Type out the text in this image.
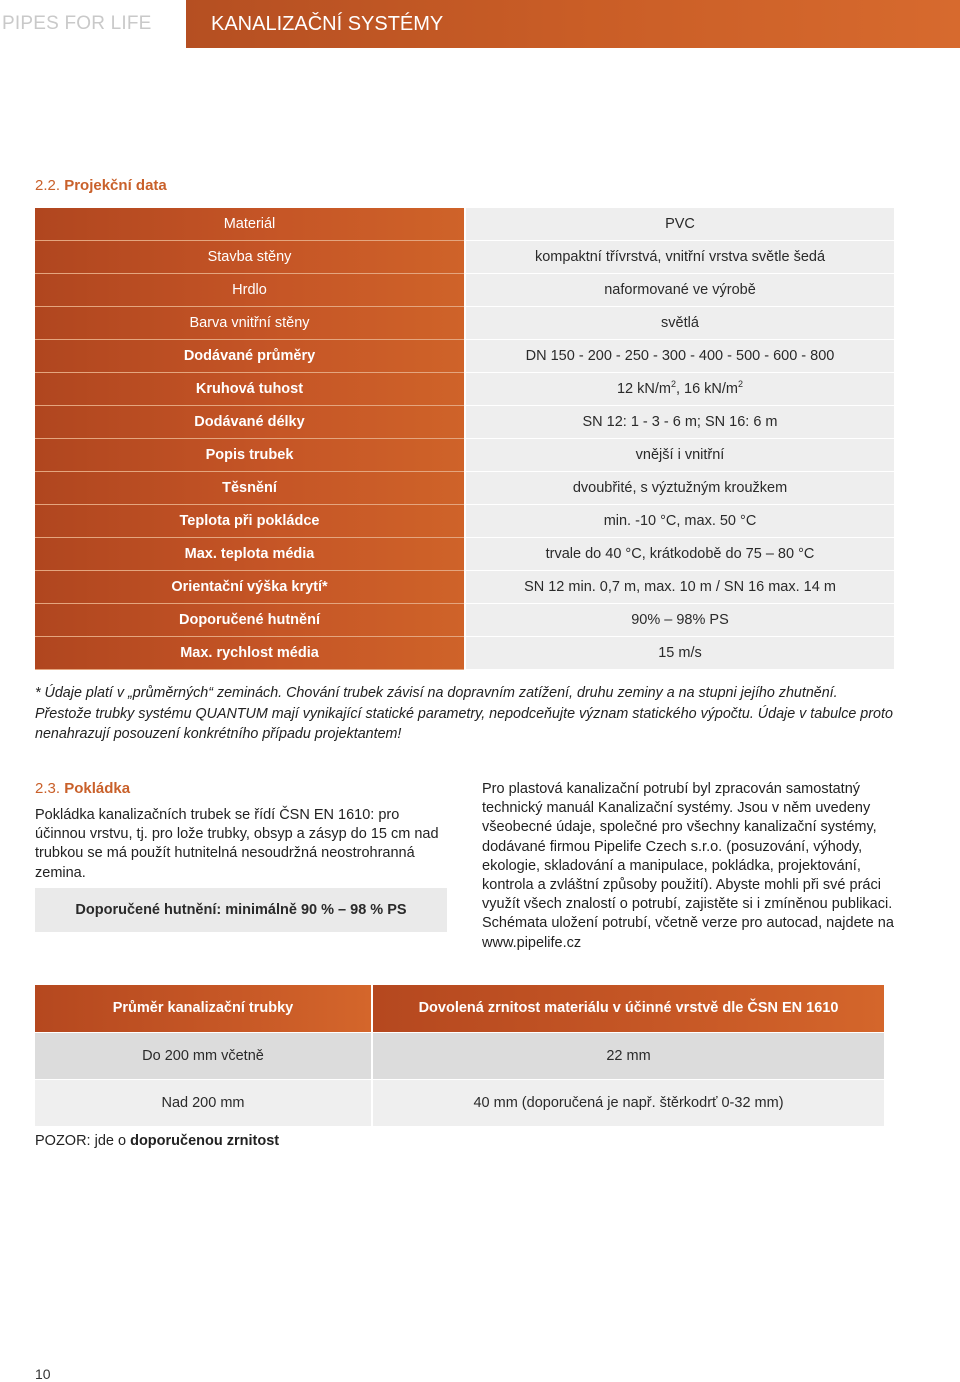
PIPES FOR LIFE	KANALIZAČNÍ SYSTÉMY
2.2. Projekční data
Materiál	PVC
Stavba stěny	kompaktní třívrstvá, vnitřní vrstva světle šedá
Hrdlo	naformované ve výrobě
Barva vnitřní stěny	světlá
Dodávané průměry	DN 150 - 200 - 250 - 300 - 400 - 500 - 600 - 800
Kruhová tuhost	12 $kN/m^2$, 16 $kN/m^2$
Dodávané délky	SN 12: 1 - 3 - 6 m; SN 16: 6 m
Popis trubek	vnější i vnitřní
Těsnění	dvoubřité, s výztužným kroužkem
Teplota při pokládce	min. -10 °C, max. 50 °C
Max. teplota média	trvale do 40 °C, krátkodobě do 75 – 80 °C
Orientační výška krytí*	SN 12 min. 0,7 m, max. 10 m / SN 16 max. 14 m
Doporučené hutnění	90% – 98% PS
Max. rychlost média	15 m/s
* Údaje platí v „průměrných“ zeminách. Chování trubek závisí na dopravním zatížení, druhu zeminy a na stupni jejího zhutnění. Přestože trubky systému QUANTUM mají vynikající statické parametry, nepodceňujte význam statického výpočtu. Údaje v tabulce proto nenahrazují posouzení konkrétního případu projektantem!
2.3. Pokládka
Pokládka kanalizačních trubek se řídí ČSN EN 1610: pro účinnou vrstvu, tj. pro lože trubky, obsyp a zásyp do 15 cm nad trubkou se má použít hutnitelná nesoudržná neostrohranná zemina.
Doporučené hutnění: minimálně 90 % – 98 % PS
Pro plastová kanalizační potrubí byl zpracován samostatný technický manuál Kanalizační systémy. Jsou v něm uvedeny všeobecné údaje, společné pro všechny kanalizační systémy, dodávané firmou Pipelife Czech s.r.o. (posuzování, výhody, ekologie, skladování a manipulace, pokládka, projektování, kontrola a zvláštní způsoby použití). Abyste mohli při své práci využít všech znalostí o potrubí, zajistěte si i zmíněnou publikaci. Schémata uložení potrubí, včetně verze pro autocad, najdete na www.pipelife.cz
Průměr kanalizační trubky	Dovolená zrnitost materiálu v účinné vrstvě dle ČSN EN 1610
Do 200 mm včetně	22 mm
Nad 200 mm	40 mm (doporučená je např. štěrkodrť 0-32 mm)
POZOR: jde o doporučenou zrnitost
10
